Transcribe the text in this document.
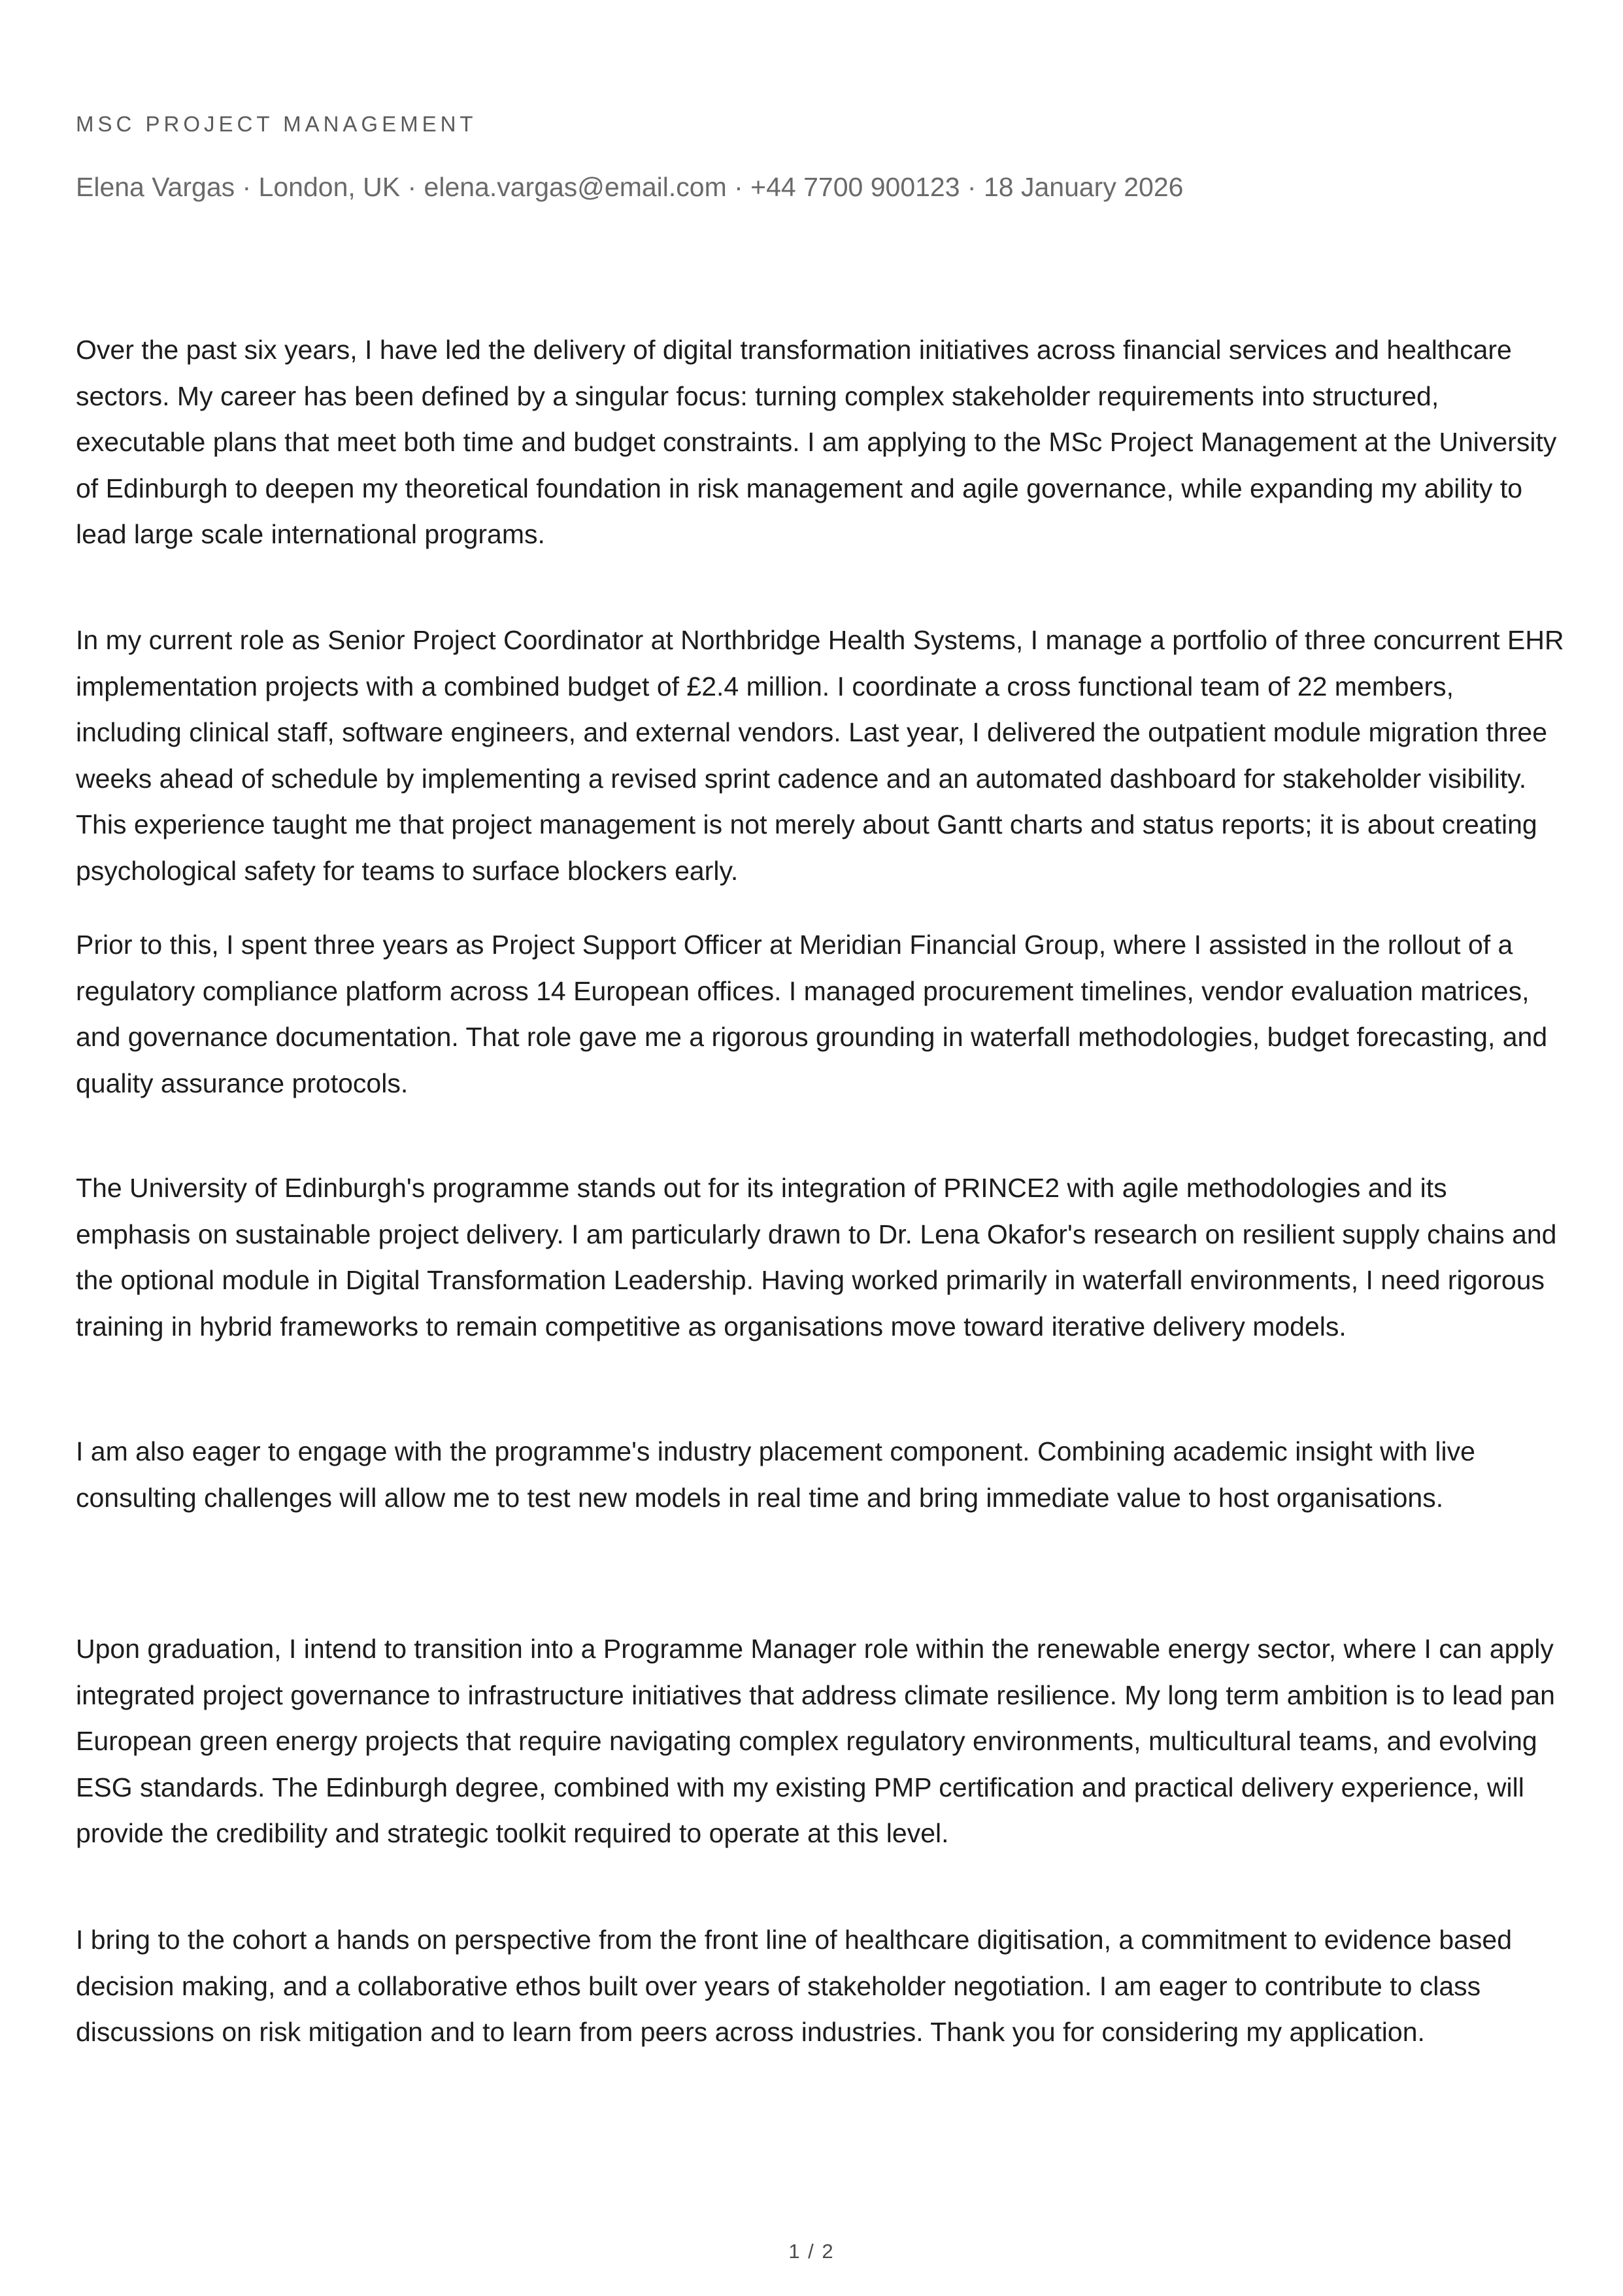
MSC PROJECT MANAGEMENT
Elena Vargas · London, UK · elena.vargas@email.com · +44 7700 900123 · 18 January 2026

Over the past six years, I have led the delivery of digital transformation initiatives across financial services and healthcare sectors. My career has been defined by a singular focus: turning complex stakeholder requirements into structured, executable plans that meet both time and budget constraints. I am applying to the MSc Project Management at the University of Edinburgh to deepen my theoretical foundation in risk management and agile governance, while expanding my ability to lead large scale international programs.

In my current role as Senior Project Coordinator at Northbridge Health Systems, I manage a portfolio of three concurrent EHR implementation projects with a combined budget of £2.4 million. I coordinate a cross functional team of 22 members, including clinical staff, software engineers, and external vendors. Last year, I delivered the outpatient module migration three weeks ahead of schedule by implementing a revised sprint cadence and an automated dashboard for stakeholder visibility. This experience taught me that project management is not merely about Gantt charts and status reports; it is about creating psychological safety for teams to surface blockers early.

Prior to this, I spent three years as Project Support Officer at Meridian Financial Group, where I assisted in the rollout of a regulatory compliance platform across 14 European offices. I managed procurement timelines, vendor evaluation matrices, and governance documentation. That role gave me a rigorous grounding in waterfall methodologies, budget forecasting, and quality assurance protocols.

The University of Edinburgh's programme stands out for its integration of PRINCE2 with agile methodologies and its emphasis on sustainable project delivery. I am particularly drawn to Dr. Lena Okafor's research on resilient supply chains and the optional module in Digital Transformation Leadership. Having worked primarily in waterfall environments, I need rigorous training in hybrid frameworks to remain competitive as organisations move toward iterative delivery models.

I am also eager to engage with the programme's industry placement component. Combining academic insight with live consulting challenges will allow me to test new models in real time and bring immediate value to host organisations.

Upon graduation, I intend to transition into a Programme Manager role within the renewable energy sector, where I can apply integrated project governance to infrastructure initiatives that address climate resilience. My long term ambition is to lead pan European green energy projects that require navigating complex regulatory environments, multicultural teams, and evolving ESG standards. The Edinburgh degree, combined with my existing PMP certification and practical delivery experience, will provide the credibility and strategic toolkit required to operate at this level.

I bring to the cohort a hands on perspective from the front line of healthcare digitisation, a commitment to evidence based decision making, and a collaborative ethos built over years of stakeholder negotiation. I am eager to contribute to class discussions on risk mitigation and to learn from peers across industries. Thank you for considering my application.

1 / 2
